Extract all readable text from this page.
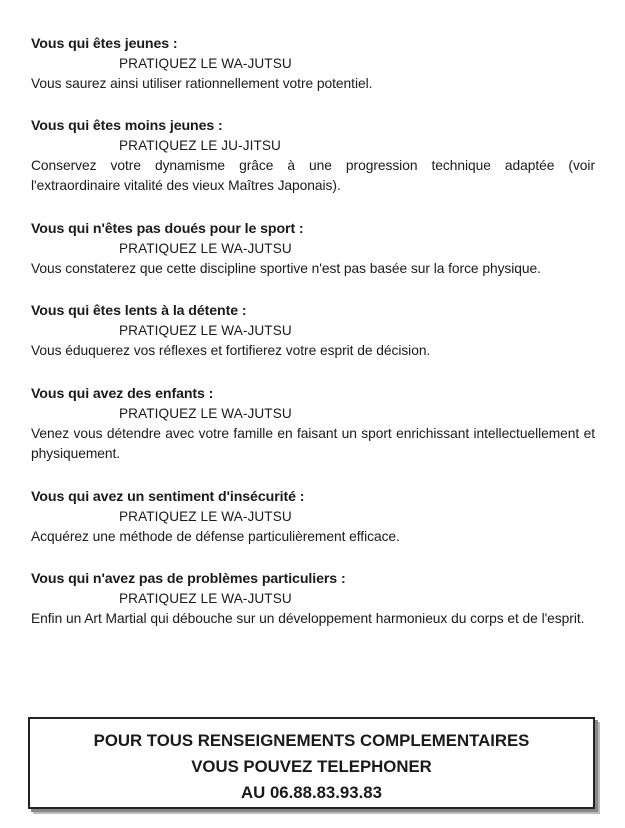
Vous qui êtes jeunes :

PRATIQUEZ LE WA-JUTSU

Vous saurez ainsi utiliser rationnellement votre potentiel.

Vous qui êtes moins jeunes :

PRATIQUEZ LE JU-JITSU

Conservez votre dynamisme grâce à une progression technique adaptée (voir l'extraordinaire vitalité des vieux Maîtres Japonais).

Vous qui n'êtes pas doués pour le sport :

PRATIQUEZ LE WA-JUTSU

Vous constaterez que cette discipline sportive n'est pas basée sur la force physique.

Vous qui êtes lents à la détente :

PRATIQUEZ LE WA-JUTSU

Vous éduquerez vos réflexes et fortifierez votre esprit de décision.

Vous qui avez des enfants :

PRATIQUEZ LE WA-JUTSU

Venez vous détendre avec votre famille en faisant un sport enrichissant intellectuellement et physiquement.

Vous qui avez un sentiment d'insécurité :

PRATIQUEZ LE WA-JUTSU

Acquérez une méthode de défense particulièrement efficace.

Vous qui n'avez pas de problèmes particuliers :

PRATIQUEZ LE WA-JUTSU

Enfin un Art Martial qui débouche sur un développement harmonieux du corps et de l'esprit.

POUR TOUS RENSEIGNEMENTS COMPLEMENTAIRES

VOUS POUVEZ TELEPHONER

AU 06.88.83.93.83
